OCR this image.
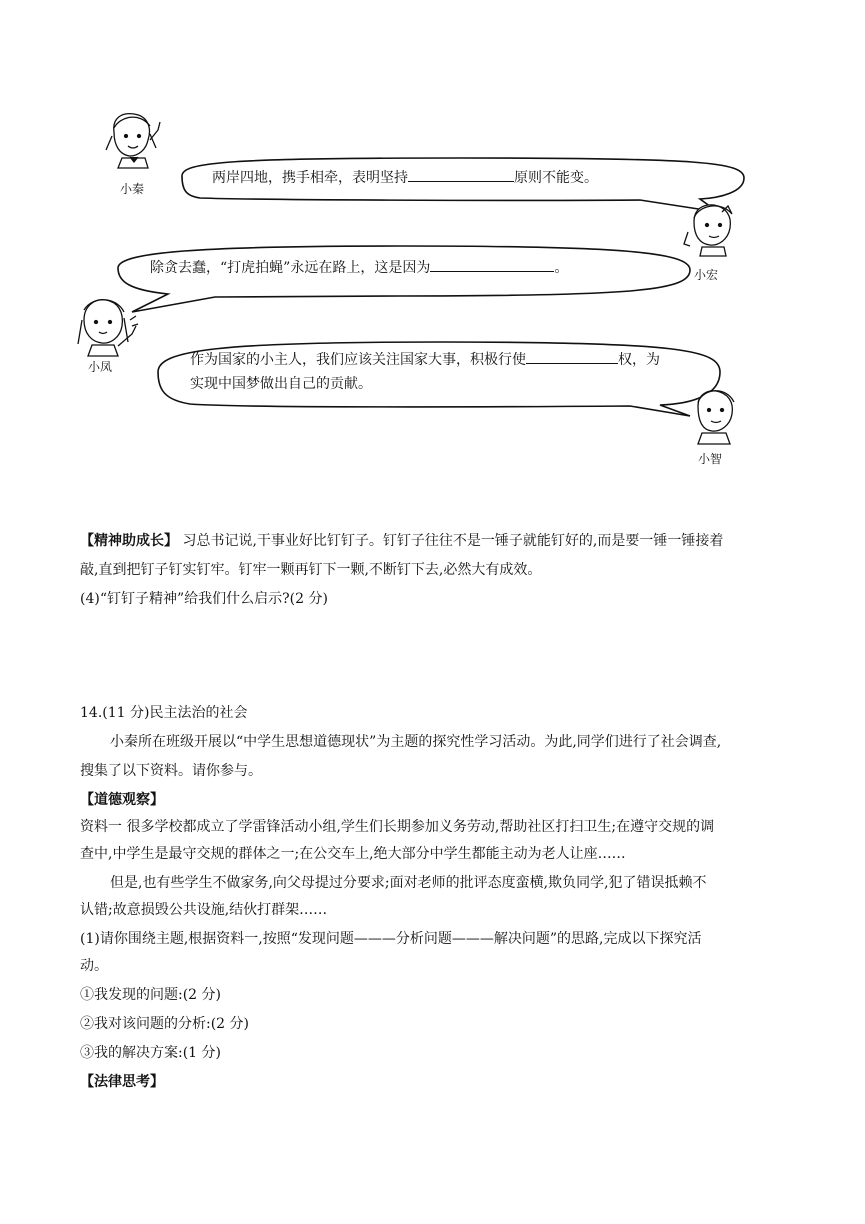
小秦
小宏
小凤
小智
两岸四地，携手相牵，表明坚持	原则不能变。
除贪去蠢，“打虎拍蝇”永远在路上，这是因为	。
作为国家的小主人，我们应该关注国家大事，积极行使	权，为
实现中国梦做出自己的贡献。
【精神助成长】 习总书记说,干事业好比钉钉子。钉钉子往往不是一锤子就能钉好的,而是要一锤一锤接着
敲,直到把钉子钉实钉牢。钉牢一颗再钉下一颗,不断钉下去,必然大有成效。
(4)“钉钉子精神”给我们什么启示?(2 分)
14.(11 分)民主法治的社会
小秦所在班级开展以“中学生思想道德现状”为主题的探究性学习活动。为此,同学们进行了社会调查,
搜集了以下资料。请你参与。
【道德观察】
资料一 很多学校都成立了学雷锋活动小组,学生们长期参加义务劳动,帮助社区打扫卫生;在遵守交规的调
查中,中学生是最守交规的群体之一;在公交车上,绝大部分中学生都能主动为老人让座……
但是,也有些学生不做家务,向父母提过分要求;面对老师的批评态度蛮横,欺负同学,犯了错误抵赖不
认错;故意损毁公共设施,结伙打群架……
(1)请你围绕主题,根据资料一,按照“发现问题———分析问题———解决问题”的思路,完成以下探究活
动。
①我发现的问题:(2 分)
②我对该问题的分析:(2 分)
③我的解决方案:(1 分)
【法律思考】
